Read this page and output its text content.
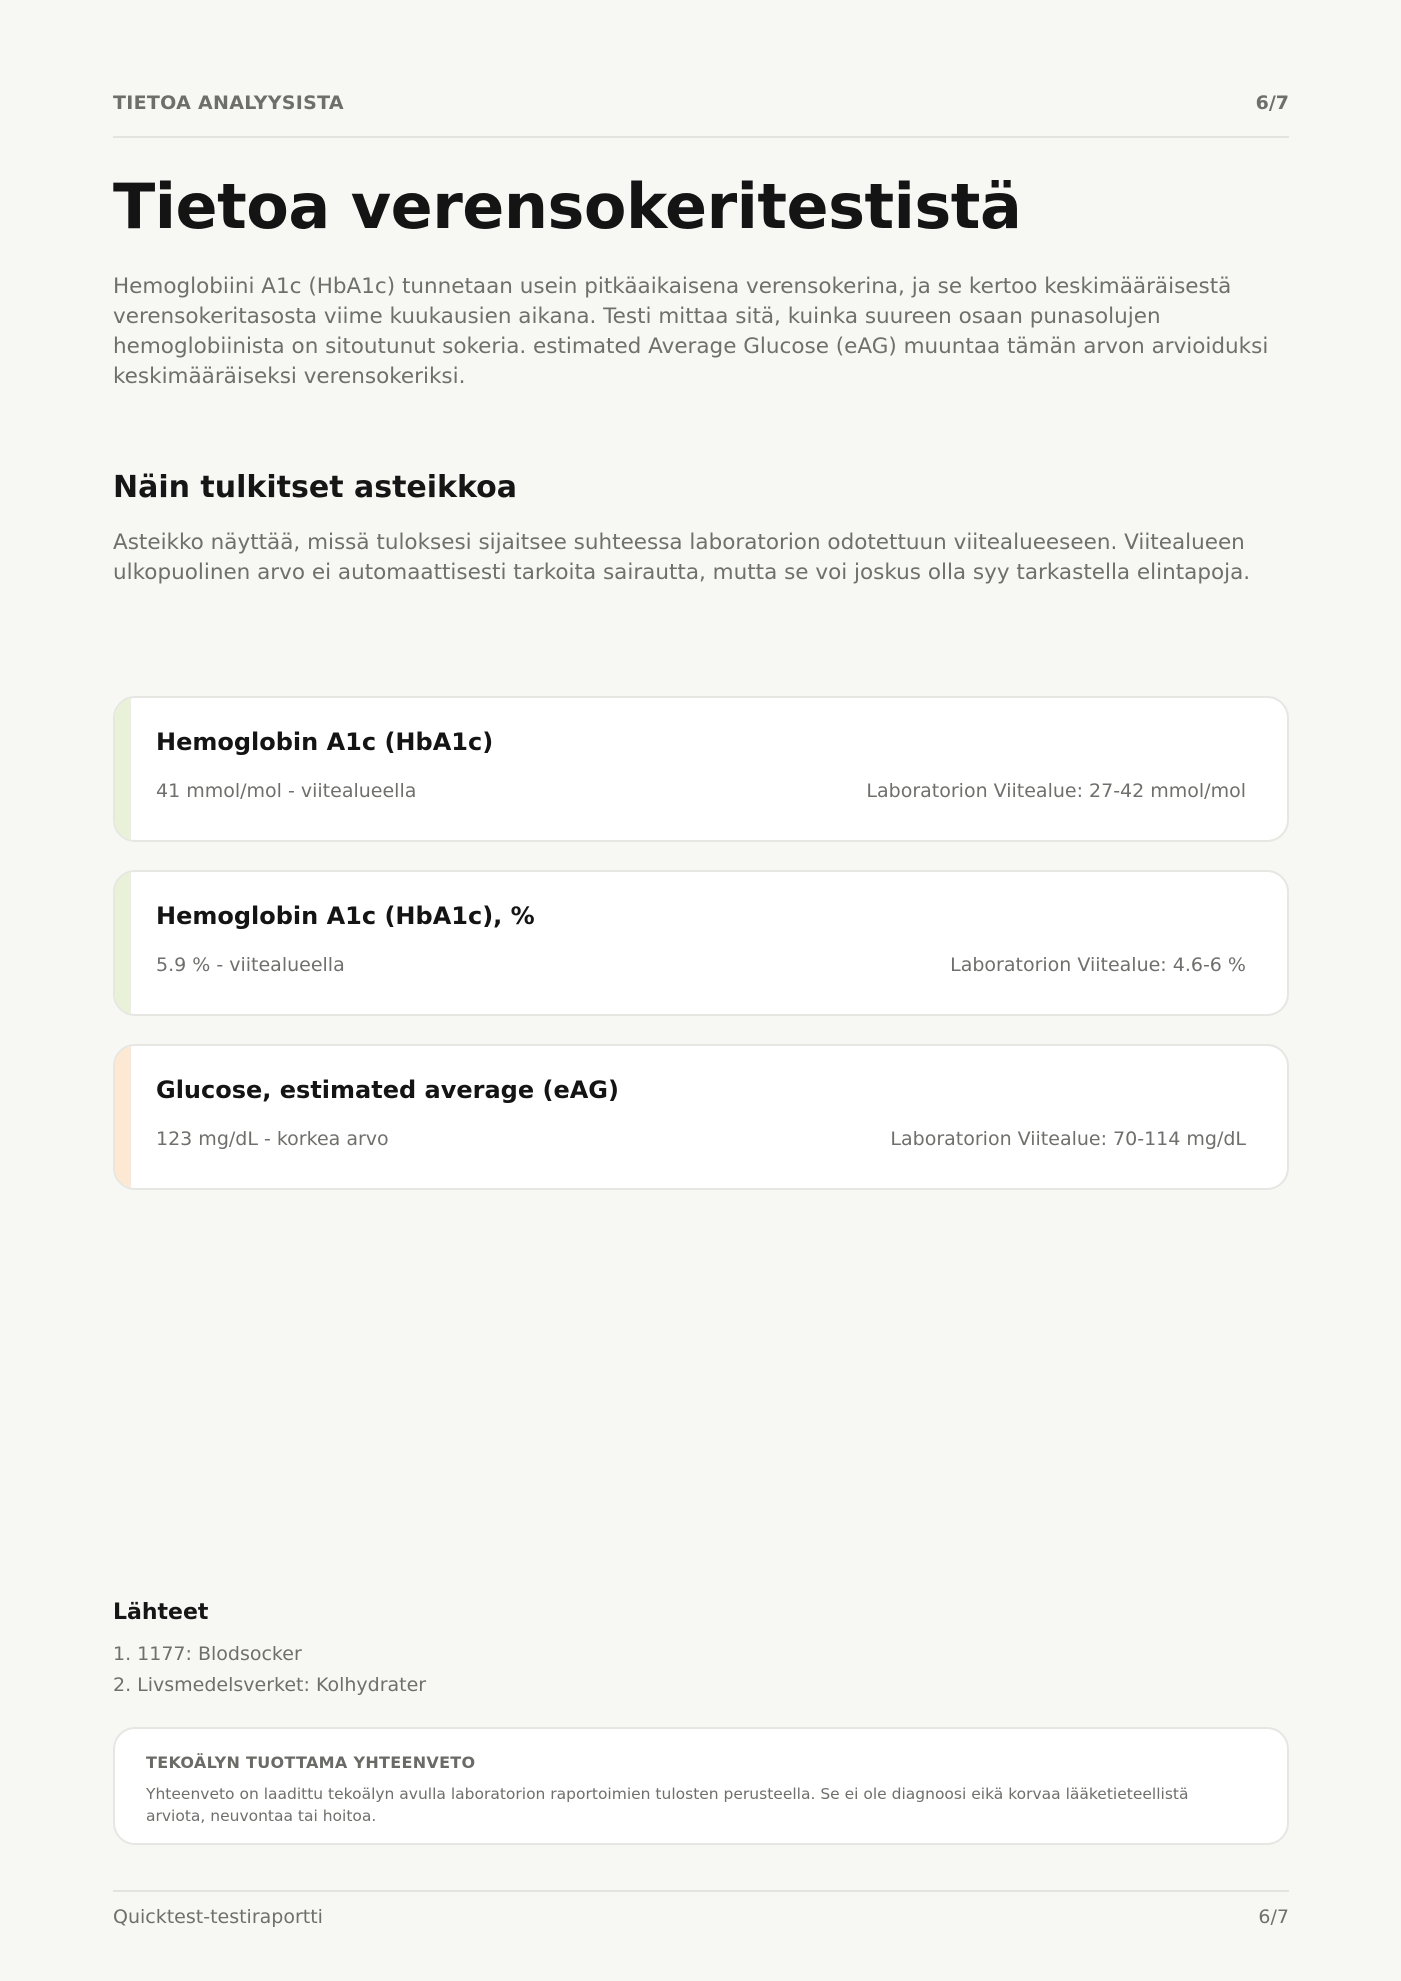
TIETOA ANALYYSISTA	6/7
Tietoa verensokeritestistä

Hemoglobiini A1c (HbA1c) tunnetaan usein pitkäaikaisena verensokerina, ja se kertoo keskimääräisestä verensokeritasosta viime kuukausien aikana. Testi mittaa sitä, kuinka suureen osaan punasolujen hemoglobiinista on sitoutunut sokeria. estimated Average Glucose (eAG) muuntaa tämän arvon arvioiduksi keskimääräiseksi verensokeriksi.

Näin tulkitset asteikkoa

Asteikko näyttää, missä tuloksesi sijaitsee suhteessa laboratorion odotettuun viitealueeseen. Viitealueen ulkopuolinen arvo ei automaattisesti tarkoita sairautta, mutta se voi joskus olla syy tarkastella elintapoja.

Hemoglobin A1c (HbA1c)
41 mmol/mol - viitealueella	Laboratorion Viitealue: 27-42 mmol/mol
Hemoglobin A1c (HbA1c), %
5.9 % - viitealueella	Laboratorion Viitealue: 4.6-6 %
Glucose, estimated average (eAG)
123 mg/dL - korkea arvo	Laboratorion Viitealue: 70-114 mg/dL
Lähteet
1. 1177: Blodsocker
2. Livsmedelsverket: Kolhydrater
TEKOÄLYN TUOTTAMA YHTEENVETO

Yhteenveto on laadittu tekoälyn avulla laboratorion raportoimien tulosten perusteella. Se ei ole diagnoosi eikä korvaa lääketieteellistä arviota, neuvontaa tai hoitoa.

Quicktest-testiraportti	6/7
